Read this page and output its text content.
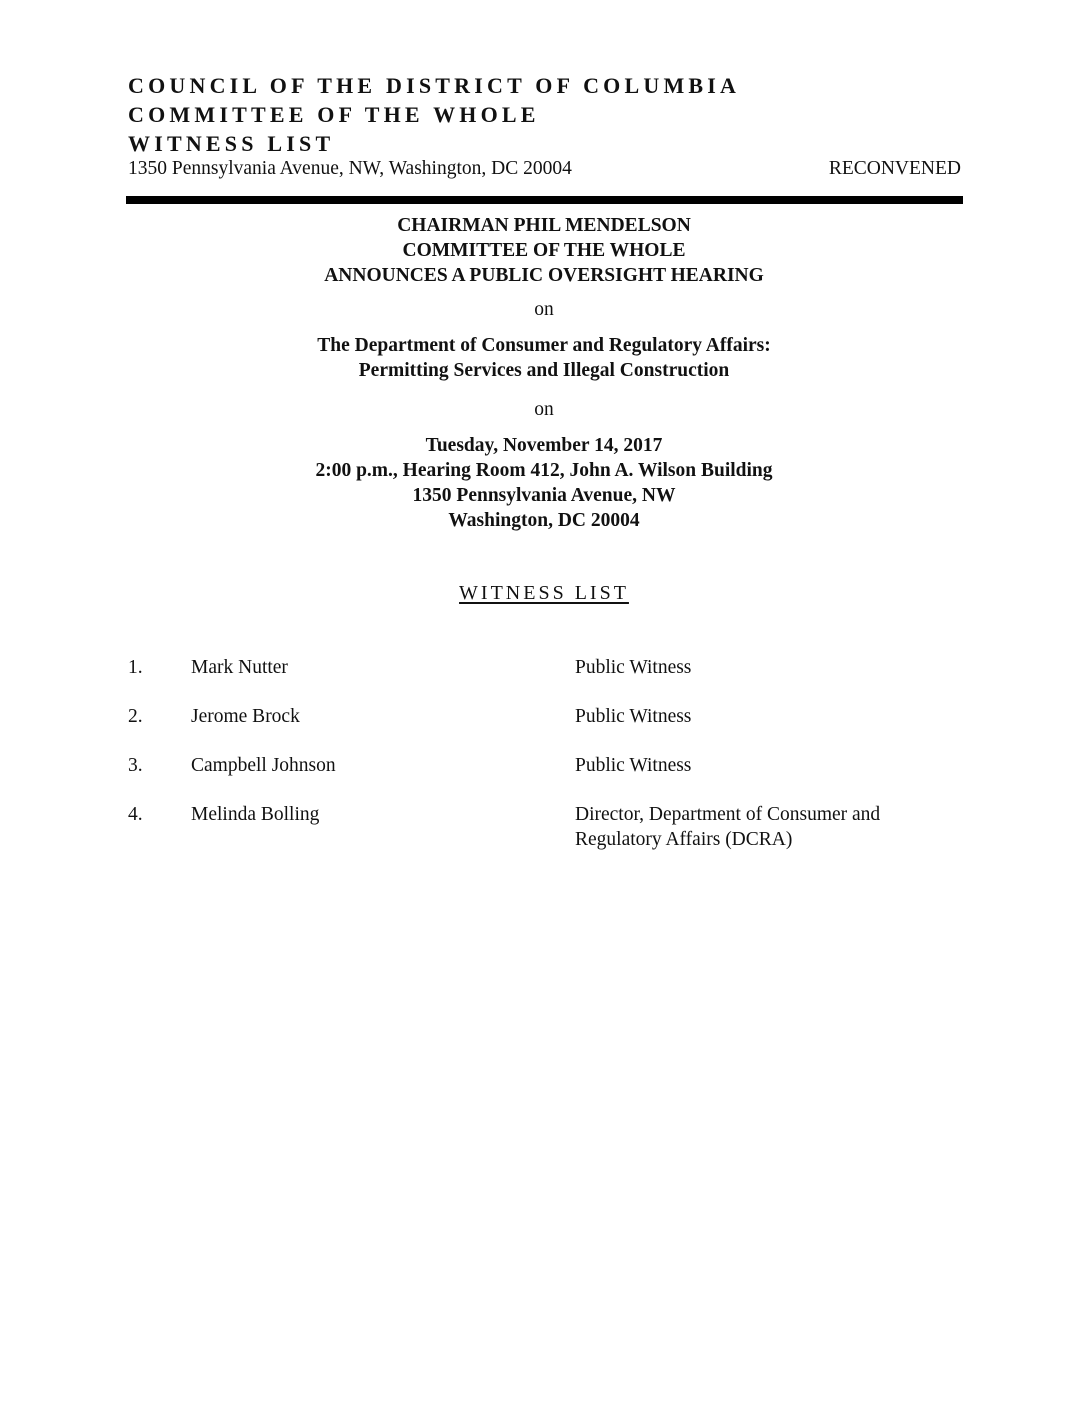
COUNCIL OF THE DISTRICT OF COLUMBIA
COMMITTEE OF THE WHOLE
WITNESS LIST
1350 Pennsylvania Avenue, NW, Washington, DC 20004	RECONVENED
CHAIRMAN PHIL MENDELSON
COMMITTEE OF THE WHOLE
ANNOUNCES A PUBLIC OVERSIGHT HEARING
on
The Department of Consumer and Regulatory Affairs:
Permitting Services and Illegal Construction
on
Tuesday, November 14, 2017
2:00 p.m., Hearing Room 412, John A. Wilson Building
1350 Pennsylvania Avenue, NW
Washington, DC 20004
WITNESS LIST
1. Mark Nutter	Public Witness
2. Jerome Brock	Public Witness
3. Campbell Johnson	Public Witness
4. Melinda Bolling	Director, Department of Consumer and Regulatory Affairs (DCRA)
